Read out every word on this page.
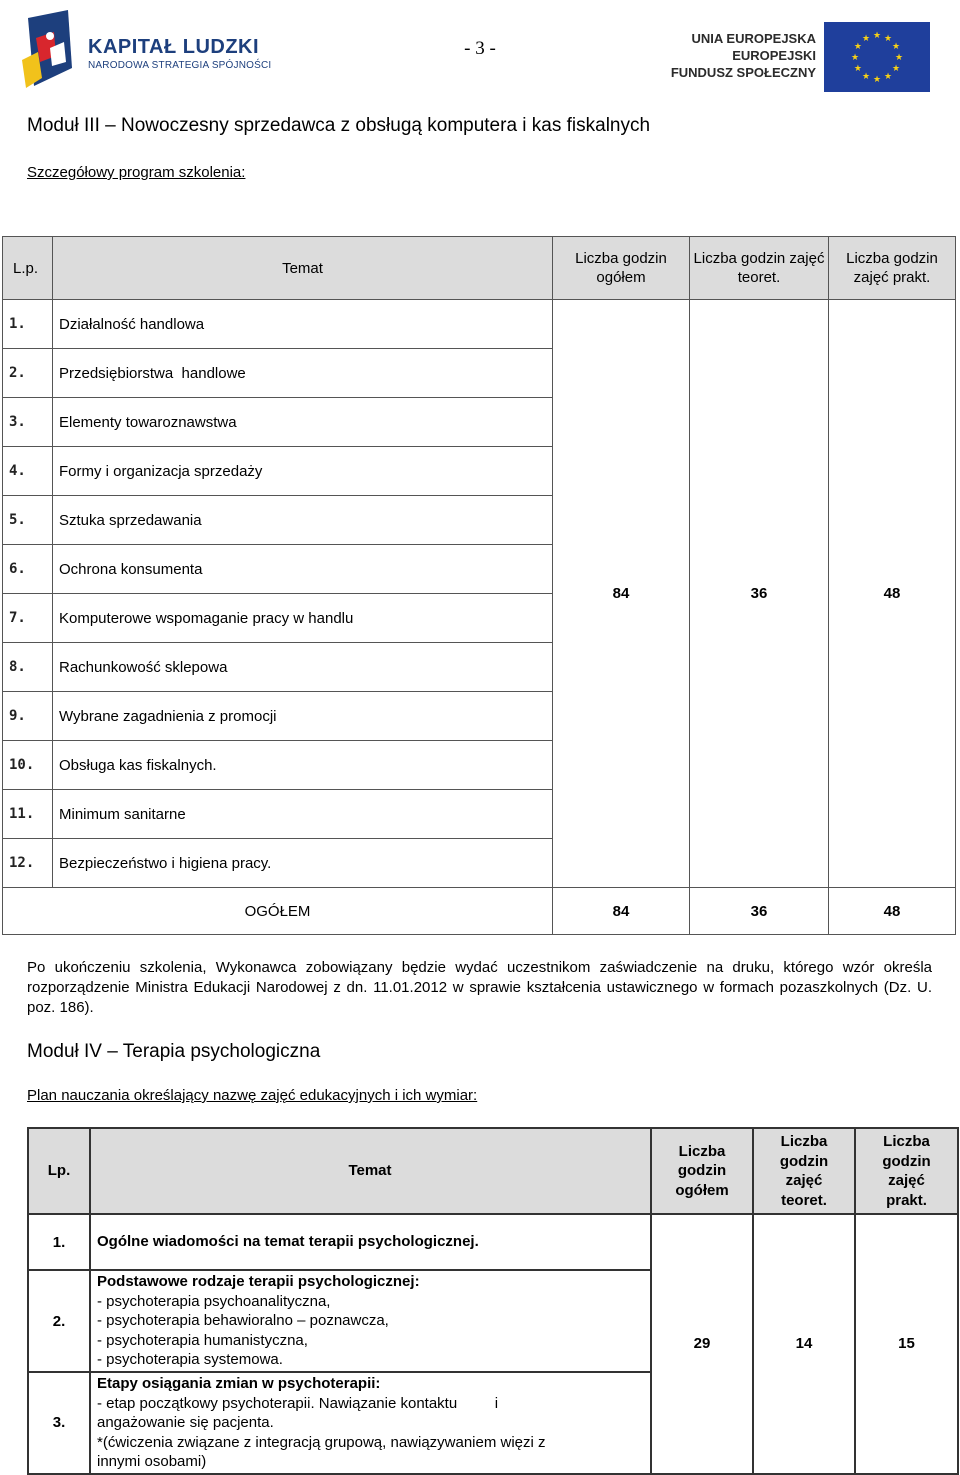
KAPITAŁ LUDZKI
NARODOWA STRATEGIA SPÓJNOŚCI
- 3 -	UNIA EUROPEJSKA
EUROPEJSKI
FUNDUSZ SPOŁECZNY
★ ★
★
★
★
★
★
★
★
★
★
★
Moduł III – Nowoczesny sprzedawca z obsługą komputera i kas fiskalnych
Szczegółowy program szkolenia:
L.p.	Temat	Liczba godzin ogółem	Liczba godzin zajęć teoret.	Liczba godzin zajęć prakt.
1.	Działalność handlowa	84	36	48
2.	Przedsiębiorstwa  handlowe			
3.	Elementy towaroznawstwa			
4.	Formy i organizacja sprzedaży			
5.	Sztuka sprzedawania			
6.	Ochrona konsumenta			
7.	Komputerowe wspomaganie pracy w handlu			
8.	Rachunkowość sklepowa			
9.	Wybrane zagadnienia z promocji			
10.	Obsługa kas fiskalnych.			
11.	Minimum sanitarne			
12.	Bezpieczeństwo i higiena pracy.			
OGÓŁEM		84	36	48
Po ukończeniu szkolenia, Wykonawca zobowiązany będzie wydać uczestnikom zaświadczenie na druku, którego wzór określa rozporządzenie Ministra Edukacji Narodowej z dn. 11.01.2012 w sprawie kształcenia ustawicznego w formach pozaszkolnych (Dz. U. poz. 186).
Moduł IV – Terapia psychologiczna
Plan nauczania określający nazwę zajęć edukacyjnych i ich wymiar:
Lp.	Temat	Liczba
godzin
ogółem	Liczba
godzin
zajęć
teoret.	Liczba
godzin
zajęć
prakt.

1.	Ogólne wiadomości na temat terapii psychologicznej.	29	14	15
2.	Podstawowe rodzaje terapii psychologicznej:
- psychoterapia psychoanalityczna,
- psychoterapia behawioralno – poznawcza,
- psychoterapia humanistyczna,
- psychoterapia systemowa.			

3.	Etapy osiągania zmian w psychoterapii:
- etap początkowy psychoterapii. Nawiązanie kontaktu         i
angażowanie się pacjenta.
*(ćwiczenia związane z integracją grupową, nawiązywaniem więzi z
innymi osobami)			
